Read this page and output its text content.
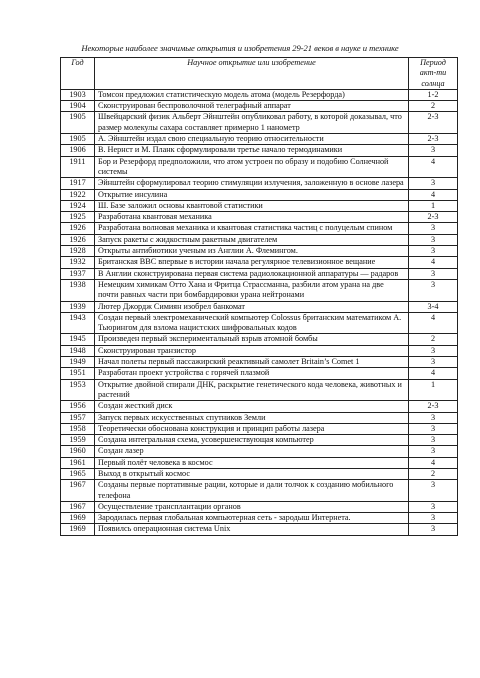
Некоторые наиболее значимые открытия и изобретения 29-21 веков в науке и технике
Год	Научное открытие или изобретение	Период акт-ти солнца
1903	Томсон предложил статистическую модель атома (модель Резерфорда)	1-2
1904	Сконструирован беспроволочной телеграфный аппарат	2
1905	Швейцарский физик Альберт Эйнштейн опубликовал работу, в которой доказывал, что размер молекулы сахара составляет примерно 1 нанометр	2-3
1905	А. Эйнштейн издал свою специальную теорию относительности	2-3
1906	В. Нернст и М. Планк сформулировали третье начало термодинамики	3
1911	Бор и Резерфорд предположили, что атом устроен по образу и подобию Солнечной системы	4
1917	Эйнштейн сформулировал теорию стимуляции излучения, заложенную в основе лазера	3
1922	Открытие инсулина	4
1924	Ш. Базе заложил основы квантовой статистики	1
1925	Разработана квантовая механика	2-3
1926	Разработана волновая механика и квантовая статистика частиц с полуцелым спином	3
1926	Запуск ракеты с жидкостным ракетным двигателем	3
1928	Открыты антибиотики ученым из Англии А. Флемингом.	3
1932	Британская BBC впервые в истории начала регулярное телевизионное вещание	4
1937	В Англии сконструирована первая система радиолокационной аппаратуры — радаров	3
1938	Немецким химикам Отто Хана и Фритца Страссманна, разбили атом урана на две почти равных части при бомбардировки урана нейтронами	3
1939	Лютер Джордж Симиян изобрел банкомат	3-4
1943	Создан первый электромеханический компьютер Colossus британским математиком А. Тьюрингом для взлома нацистских шифровальных кодов	4
1945	Произведен первый экспериментальный взрыв атомной бомбы	2
1948	Сконструирован транзистор	3
1949	Начал полеты первый пассажирский реактивный самолет Britain’s Comet 1	3
1951	Разработан проект устройства с горячей плазмой	4
1953	Открытие двойной спирали ДНК, раскрытие генетического кода человека, животных и растений	1
1956	Создан жесткий диск	2-3
1957	Запуск первых искусственных спутников Земли	3
1958	Теоретически обоснована конструкция и принцип работы лазера	3
1959	Создана интегральная схема, усовершенствующая компьютер	3
1960	Создан лазер	3
1961	Первый полёт человека в космос	4
1965	Выход в открытый космос	2
1967	Созданы первые портативные рации, которые и дали толчок к созданию мобильного телефона	3
1967	Осуществление трансплантации органов	3
1969	Зародилась первая глобальная компьютерная сеть - зародыш Интернета.	3
1969	Появилсь операционная система Unix	3
